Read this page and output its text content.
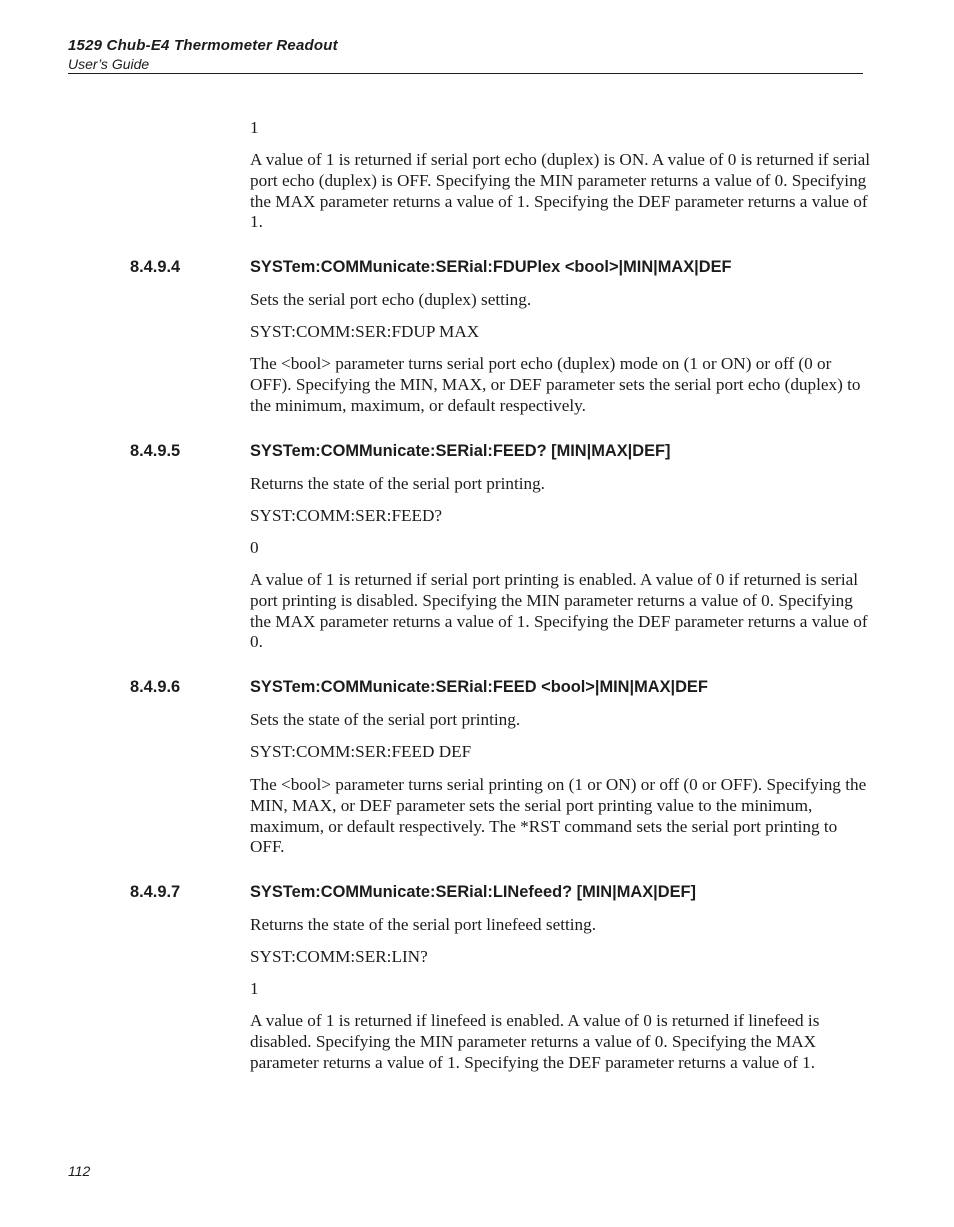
1529 Chub-E4 Thermometer Readout
User’s Guide

1

A value of 1 is returned if serial port echo (duplex) is ON. A value of 0 is returned if serial port echo (duplex) is OFF. Specifying the MIN parameter returns a value of 0. Specifying the MAX parameter returns a value of 1. Specifying the DEF parameter returns a value of 1.

8.4.9.4	SYSTem:COMMunicate:SERial:FDUPlex <bool>|MIN|MAX|DEF

Sets the serial port echo (duplex) setting.

SYST:COMM:SER:FDUP MAX

The <bool> parameter turns serial port echo (duplex) mode on (1 or ON) or off (0 or OFF). Specifying the MIN, MAX, or DEF parameter sets the serial port echo (duplex) to the minimum, maximum, or default respectively.

8.4.9.5	SYSTem:COMMunicate:SERial:FEED? [MIN|MAX|DEF]

Returns the state of the serial port printing.

SYST:COMM:SER:FEED?

0

A value of 1 is returned if serial port printing is enabled. A value of 0 if returned is serial port printing is disabled. Specifying the MIN parameter returns a value of 0. Specifying the MAX parameter returns a value of 1. Specifying the DEF parameter returns a value of 0.

8.4.9.6	SYSTem:COMMunicate:SERial:FEED <bool>|MIN|MAX|DEF

Sets the state of the serial port printing.

SYST:COMM:SER:FEED DEF

The <bool> parameter turns serial printing on (1 or ON) or off (0 or OFF). Specifying the MIN, MAX, or DEF parameter sets the serial port printing value to the minimum, maximum, or default respectively. The *RST command sets the serial port printing to OFF.

8.4.9.7	SYSTem:COMMunicate:SERial:LINefeed? [MIN|MAX|DEF]

Returns the state of the serial port linefeed setting.

SYST:COMM:SER:LIN?

1

A value of 1 is returned if linefeed is enabled. A value of 0 is returned if linefeed is disabled. Specifying the MIN parameter returns a value of 0. Specifying the MAX parameter returns a value of 1. Specifying the DEF parameter returns a value of 1.

112
